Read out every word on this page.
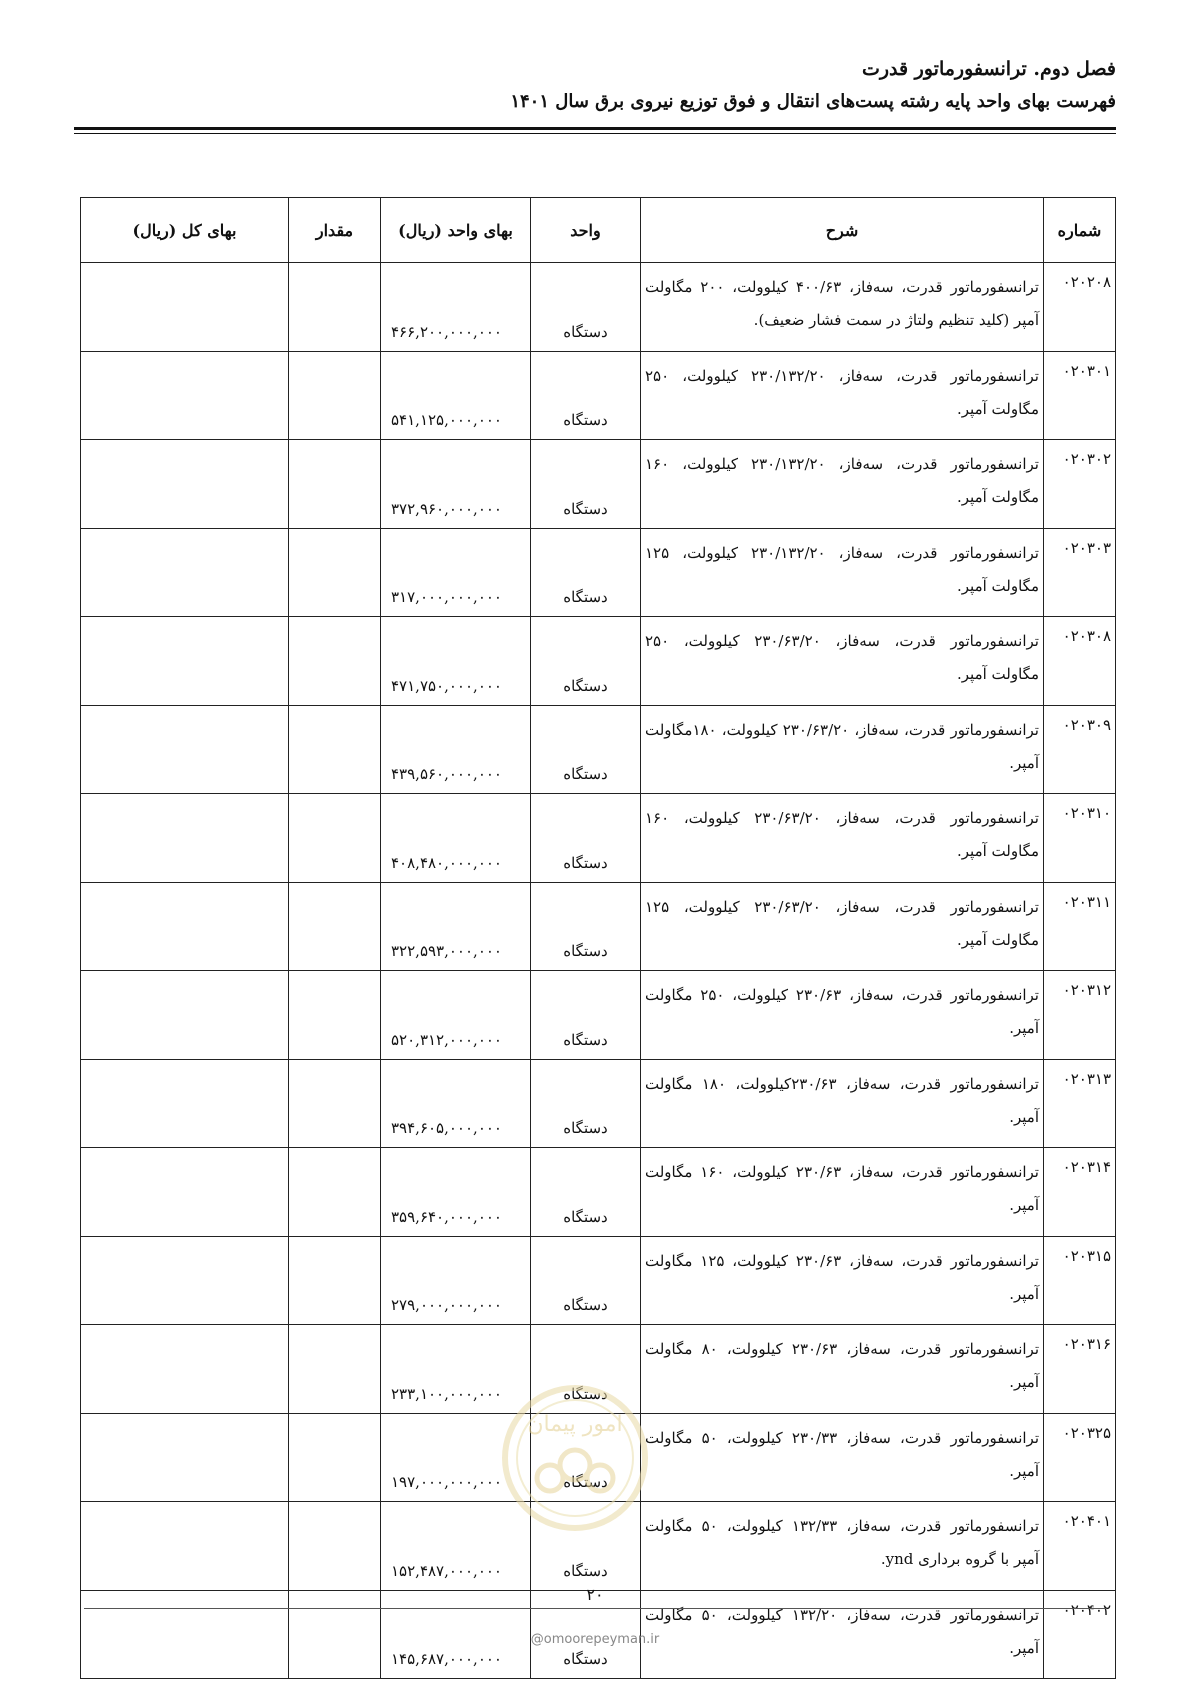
فصل دوم. ترانسفورماتور قدرت
فهرست بهای واحد پایه رشته پست‌های انتقال و فوق توزیع نیروی برق سال ۱۴۰۱
شماره	شرح	واحد	بهای واحد (ریال)	مقدار	بهای کل (ریال)
۰۲۰۲۰۸	ترانسفورماتور قدرت، سه‌فاز، ۴۰۰/۶۳ کیلوولت، ۲۰۰ مگاولت آمپر (کلید تنظیم ولتاژ در سمت فشار ضعیف).	دستگاه	۴۶۶,۲۰۰,۰۰۰,۰۰۰		
۰۲۰۳۰۱	ترانسفورماتور قدرت، سه‌فاز، ۲۳۰/۱۳۲/۲۰ کیلوولت، ۲۵۰ مگاولت آمپر.	دستگاه	۵۴۱,۱۲۵,۰۰۰,۰۰۰		
۰۲۰۳۰۲	ترانسفورماتور قدرت، سه‌فاز، ۲۳۰/۱۳۲/۲۰ کیلوولت، ۱۶۰ مگاولت آمپر.	دستگاه	۳۷۲,۹۶۰,۰۰۰,۰۰۰		
۰۲۰۳۰۳	ترانسفورماتور قدرت، سه‌فاز، ۲۳۰/۱۳۲/۲۰ کیلوولت، ۱۲۵ مگاولت آمپر.	دستگاه	۳۱۷,۰۰۰,۰۰۰,۰۰۰		
۰۲۰۳۰۸	ترانسفورماتور قدرت، سه‌فاز، ۲۳۰/۶۳/۲۰ کیلوولت، ۲۵۰ مگاولت آمپر.	دستگاه	۴۷۱,۷۵۰,۰۰۰,۰۰۰		
۰۲۰۳۰۹	ترانسفورماتور قدرت، سه‌فاز، ۲۳۰/۶۳/۲۰ کیلوولت، ۱۸۰مگاولت آمپر.	دستگاه	۴۳۹,۵۶۰,۰۰۰,۰۰۰		
۰۲۰۳۱۰	ترانسفورماتور قدرت، سه‌فاز، ۲۳۰/۶۳/۲۰ کیلوولت، ۱۶۰ مگاولت آمپر.	دستگاه	۴۰۸,۴۸۰,۰۰۰,۰۰۰		
۰۲۰۳۱۱	ترانسفورماتور قدرت، سه‌فاز، ۲۳۰/۶۳/۲۰ کیلوولت، ۱۲۵ مگاولت آمپر.	دستگاه	۳۲۲,۵۹۳,۰۰۰,۰۰۰		
۰۲۰۳۱۲	ترانسفورماتور قدرت، سه‌فاز، ۲۳۰/۶۳ کیلوولت، ۲۵۰ مگاولت آمپر.	دستگاه	۵۲۰,۳۱۲,۰۰۰,۰۰۰		
۰۲۰۳۱۳	ترانسفورماتور قدرت، سه‌فاز، ۲۳۰/۶۳کیلوولت، ۱۸۰ مگاولت آمپر.	دستگاه	۳۹۴,۶۰۵,۰۰۰,۰۰۰		
۰۲۰۳۱۴	ترانسفورماتور قدرت، سه‌فاز، ۲۳۰/۶۳ کیلوولت، ۱۶۰ مگاولت آمپر.	دستگاه	۳۵۹,۶۴۰,۰۰۰,۰۰۰		
۰۲۰۳۱۵	ترانسفورماتور قدرت، سه‌فاز، ۲۳۰/۶۳ کیلوولت، ۱۲۵ مگاولت آمپر.	دستگاه	۲۷۹,۰۰۰,۰۰۰,۰۰۰		
۰۲۰۳۱۶	ترانسفورماتور قدرت، سه‌فاز، ۲۳۰/۶۳ کیلوولت، ۸۰ مگاولت آمپر.	دستگاه	۲۳۳,۱۰۰,۰۰۰,۰۰۰		
۰۲۰۳۲۵	ترانسفورماتور قدرت، سه‌فاز، ۲۳۰/۳۳ کیلوولت، ۵۰ مگاولت آمپر.	دستگاه	۱۹۷,۰۰۰,۰۰۰,۰۰۰		
۰۲۰۴۰۱	ترانسفورماتور قدرت، سه‌فاز، ۱۳۲/۳۳ کیلوولت، ۵۰ مگاولت آمپر با گروه برداری ynd.	دستگاه	۱۵۲,۴۸۷,۰۰۰,۰۰۰		
۰۲۰۴۰۲	ترانسفورماتور قدرت، سه‌فاز، ۱۳۲/۲۰ کیلوولت، ۵۰ مگاولت آمپر.	دستگاه	۱۴۵,۶۸۷,۰۰۰,۰۰۰		
امور پیمان
۲۰
@omoorepeyman.ir
